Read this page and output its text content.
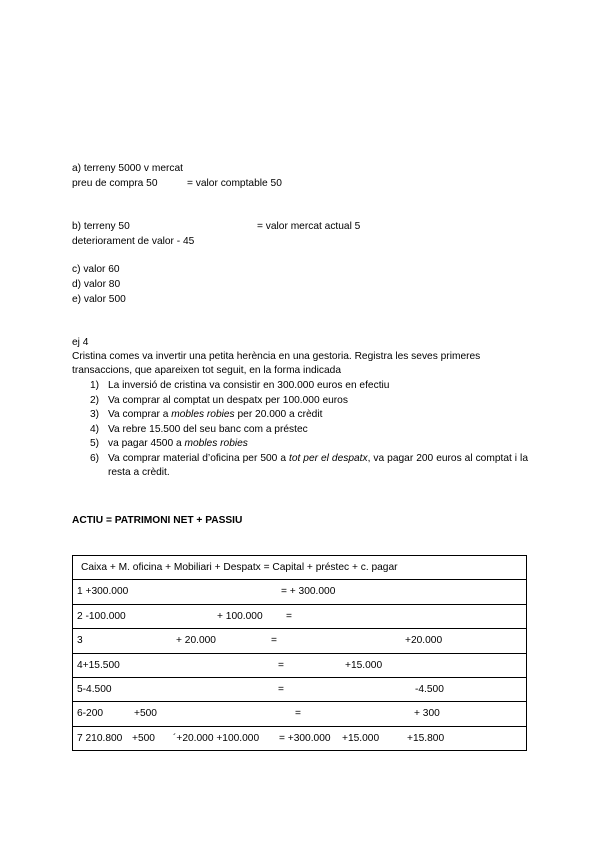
a) terreny 5000 v mercat
preu de compra 50	= valor comptable 50
b) terreny 50	= valor mercat actual 5
deteriorament de valor - 45
c) valor 60
d) valor 80
e) valor 500
ej 4
Cristina comes va invertir una petita herència en una gestoria. Registra les seves primeres
transaccions, que apareixen tot seguit, en la forma indicada
1) La inversió de cristina va consistir en 300.000 euros en efectiu
2) Va comprar al comptat un despatx per 100.000 euros
3) Va comprar a mobles robies per 20.000 a crèdit
4) Va rebre 15.500 del seu banc com a préstec
5) va pagar 4500 a mobles robies
6) Va comprar material d’oficina per 500 a tot per el despatx, va pagar 200 euros al comptat i la resta a crèdit.
ACTIU = PATRIMONI NET + PASSIU
Caixa + M. oficina + Mobiliari + Despatx = Capital + préstec + c. pagar

1 +300.000	= + 300.000

2 -100.000	+ 100.000 =

3	+ 20.000	=	+20.000

4+15.500	=	+15.000

5-4.500	=	-4.500

6-200	+500	=	+ 300

7 210.800 +500 ´+20.000 +100.000 = +300.000 +15.000	+15.800
